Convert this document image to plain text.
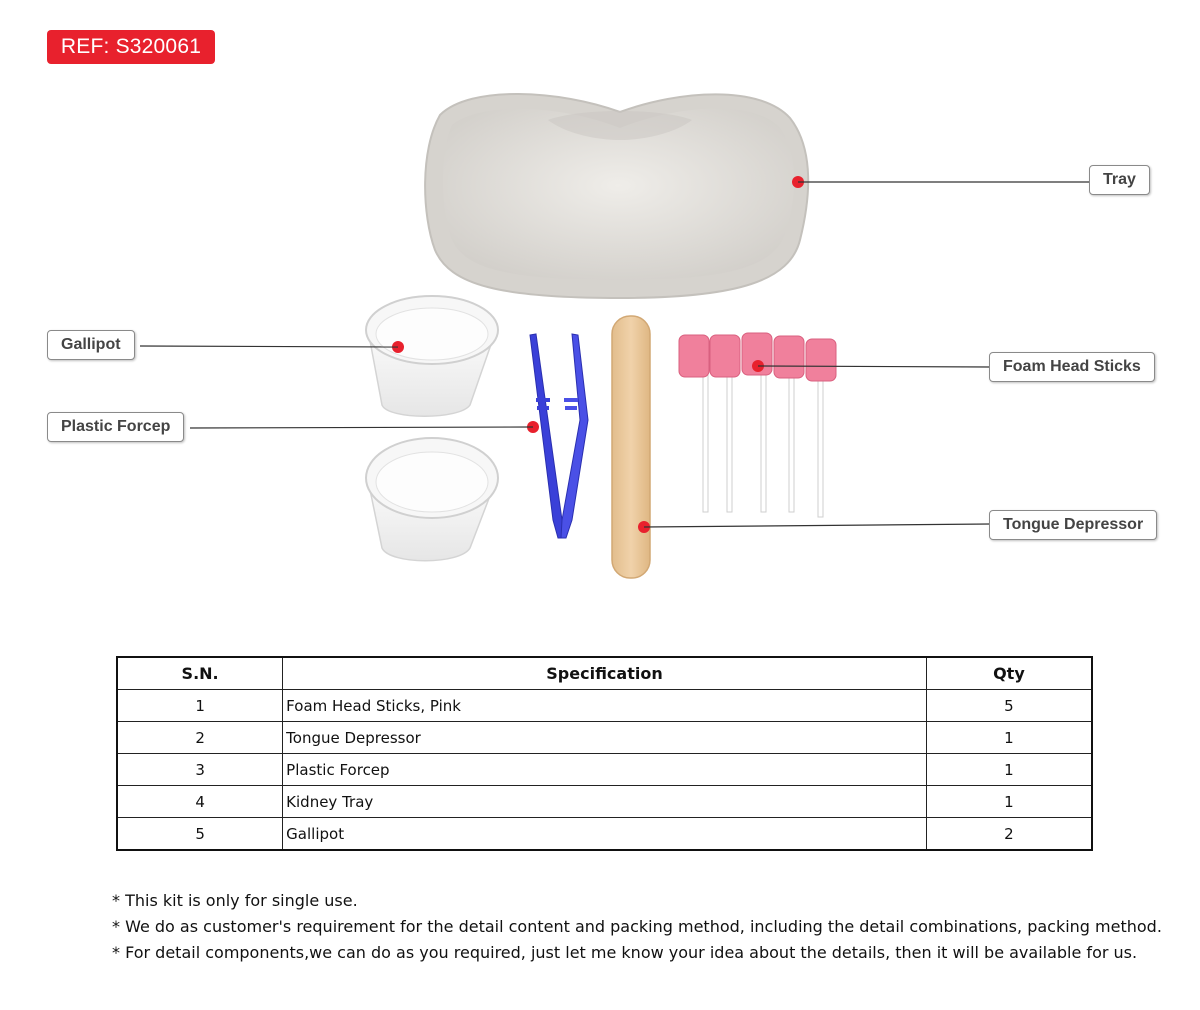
REF: S320061
Tray
Gallipot
Foam Head Sticks
Plastic Forcep
Tongue Depressor
S.N.	Specification	Qty
1	Foam Head Sticks, Pink	5
2	Tongue Depressor	1
3	Plastic Forcep	1
4	Kidney Tray	1
5	Gallipot	2
* This kit is only for single use.
* We do as customer's requirement for the detail content and packing method, including the detail combinations, packing method.
* For detail components,we can do as you required, just let me know your idea about the details, then it will be available for us.
